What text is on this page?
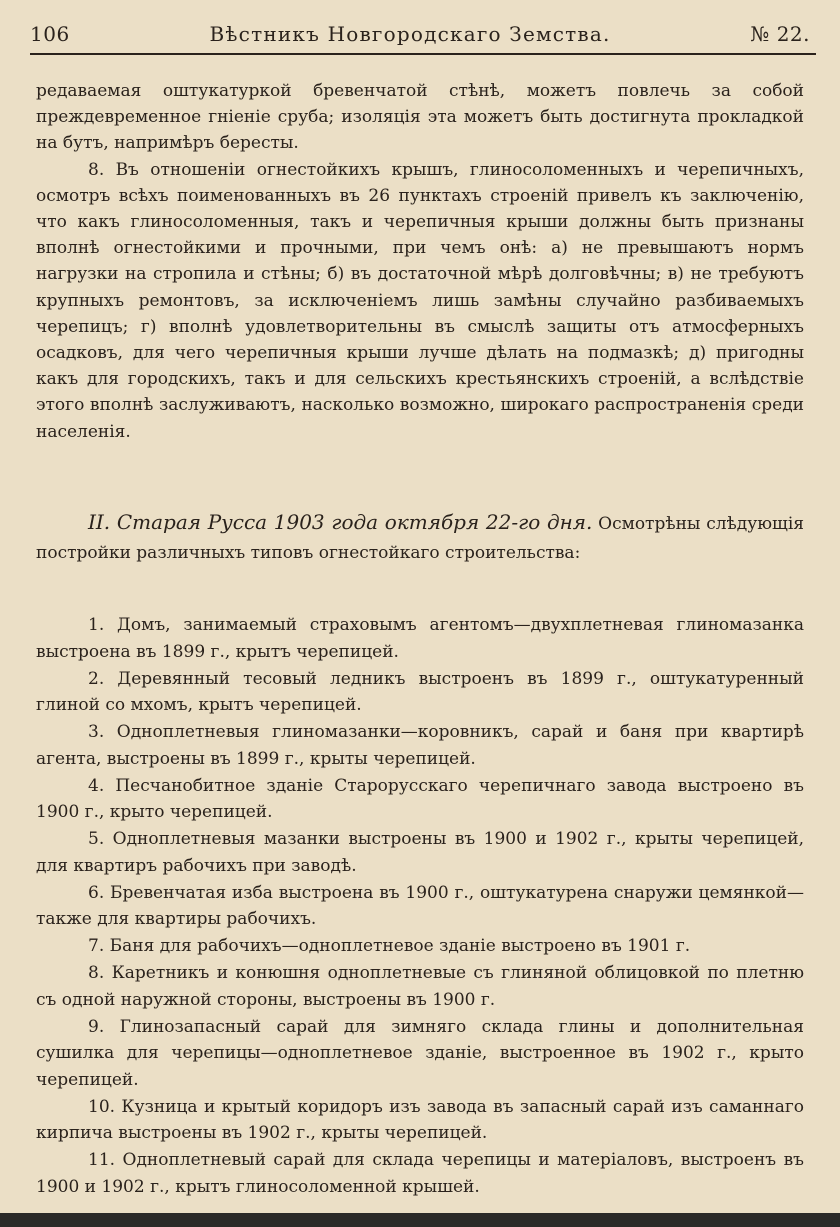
106	Вѣстникъ Новгородскаго Земства.	№ 22.

редаваемая оштукатуркой бревенчатой стѣнѣ, можетъ повлечь за собой преждевременное гніеніе сруба; изоляція эта можетъ быть достигнута прокладкой на бутъ, напримѣръ бересты.

8. Въ отношеніи огнестойкихъ крышъ, глиносоломенныхъ и черепичныхъ, осмотръ всѣхъ поименованныхъ въ 26 пунктахъ строеній привелъ къ заключенію, что какъ глиносоломенныя, такъ и черепичныя крыши должны быть признаны вполнѣ огнестойкими и прочными, при чемъ онѣ: а) не превышаютъ нормъ нагрузки на стропила и стѣны; б) въ достаточной мѣрѣ долговѣчны; в) не требуютъ крупныхъ ремонтовъ, за исключеніемъ лишь замѣны случайно разбиваемыхъ черепицъ; г) вполнѣ удовлетворительны въ смыслѣ защиты отъ атмосферныхъ осадковъ, для чего черепичныя крыши лучше дѣлать на подмазкѣ; д) пригодны какъ для городскихъ, такъ и для сельскихъ крестьянскихъ строеній, а вслѣдствіе этого вполнѣ заслуживаютъ, насколько возможно, широкаго распространенія среди населенія.

II. Старая Русса 1903 года октября 22-го дня. Осмотрѣны слѣдующія постройки различныхъ типовъ огнестойкаго строительства:

1. Домъ, занимаемый страховымъ агентомъ—двухплетневая глиномазанка выстроена въ 1899 г., крытъ черепицей.

2. Деревянный тесовый ледникъ выстроенъ въ 1899 г., оштукатуренный глиной со мхомъ, крытъ черепицей.

3. Одноплетневыя глиномазанки—коровникъ, сарай и баня при квартирѣ агента, выстроены въ 1899 г., крыты черепицей.

4. Песчанобитное зданіе Старорусскаго черепичнаго завода выстроено въ 1900 г., крыто черепицей.

5. Одноплетневыя мазанки выстроены въ 1900 и 1902 г., крыты черепицей, для квартиръ рабочихъ при заводѣ.

6. Бревенчатая изба выстроена въ 1900 г., оштукатурена снаружи цемянкой—также для квартиры рабочихъ.

7. Баня для рабочихъ—одноплетневое зданіе выстроено въ 1901 г.

8. Каретникъ и конюшня одноплетневые съ глиняной облицовкой по плетню съ одной наружной стороны, выстроены въ 1900 г.

9. Глинозапасный сарай для зимняго склада глины и дополнительная сушилка для черепицы—одноплетневое зданіе, выстроенное въ 1902 г., крыто черепицей.

10. Кузница и крытый коридоръ изъ завода въ запасный сарай изъ саманнаго кирпича выстроены въ 1902 г., крыты черепицей.

11. Одноплетневый сарай для склада черепицы и матеріаловъ, выстроенъ въ 1900 и 1902 г., крытъ глиносоломенной крышей.
